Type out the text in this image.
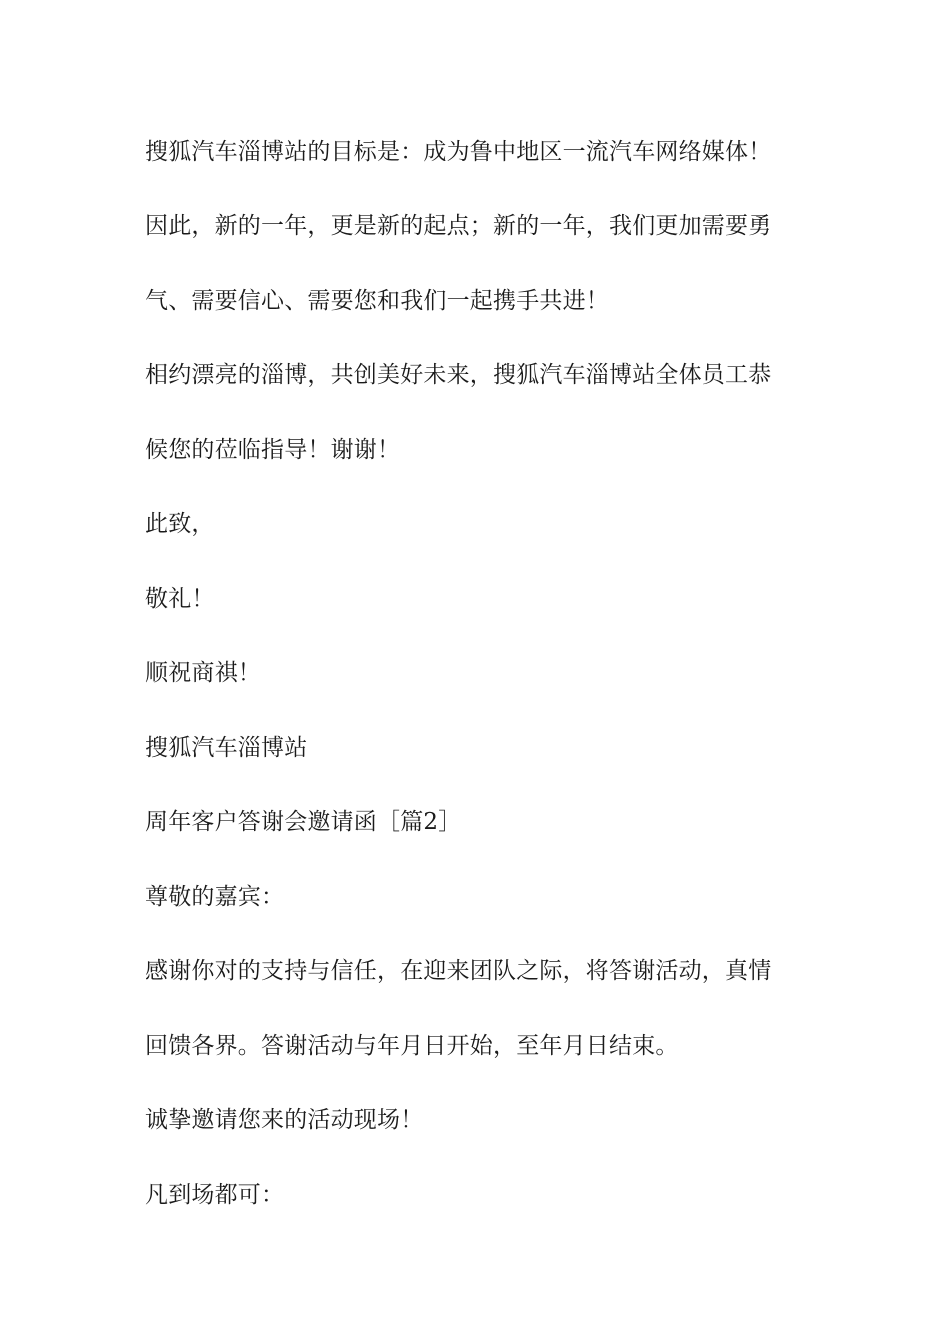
搜狐汽车淄博站的目标是：成为鲁中地区一流汽车网络媒体！
因此，新的一年，更是新的起点；新的一年，我们更加需要勇
气、需要信心、需要您和我们一起携手共进！
相约漂亮的淄博，共创美好未来，搜狐汽车淄博站全体员工恭
候您的莅临指导！谢谢！
此致，
敬礼！
顺祝商祺！
搜狐汽车淄博站
周年客户答谢会邀请函［篇2］
尊敬的嘉宾：
感谢你对的支持与信任，在迎来团队之际，将答谢活动，真情
回馈各界。答谢活动与年月日开始，至年月日结束。
诚挚邀请您来的活动现场！
凡到场都可：
